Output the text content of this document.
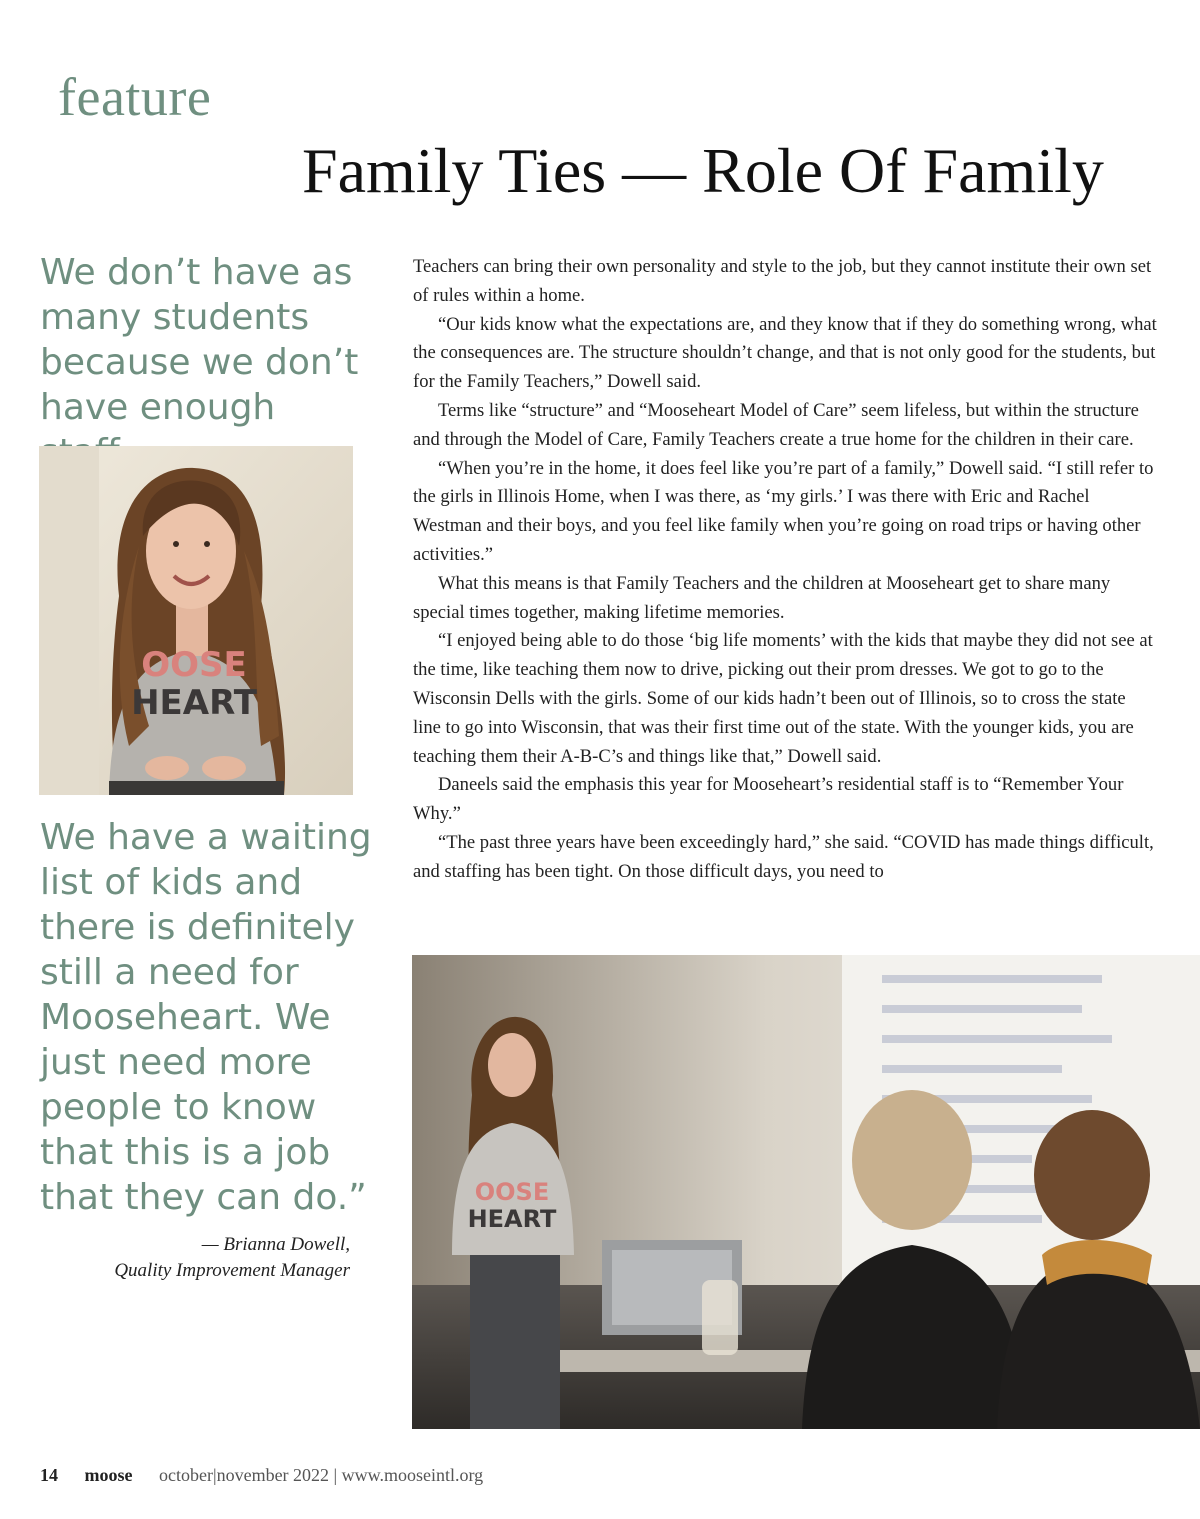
feature
Family Ties — Role Of Family

We don’t have as many students because we don’t have enough

OOSE
HEART

We have a waiting list of kids and there is definitely still a need for Mooseheart. We just need more people to know that this is a job that they can do.”

— Brianna Dowell,
Quality Improvement Manager

Teachers can bring their own personality and style to the job, but they cannot institute their own set of rules within a home.

“Our kids know what the expectations are, and they know that if they do something wrong, what the consequences are. The structure shouldn’t change, and that is not only good for the students, but for the Family Teachers,” Dowell said.

Terms like “structure” and “Mooseheart Model of Care” seem lifeless, but within the structure and through the Model of Care, Family Teachers create a true home for the children in their care.

“When you’re in the home, it does feel like you’re part of a family,” Dowell said. “I still refer to the girls in Illinois Home, when I was there, as ‘my girls.’ I was there with Eric and Rachel Westman and their boys, and you feel like family when you’re going on road trips or having other activities.”

What this means is that Family Teachers and the children at Mooseheart get to share many special times together, making lifetime memories.

“I enjoyed being able to do those ‘big life moments’ with the kids that maybe they did not see at the time, like teaching them now to drive, picking out their prom dresses. We got to go to the Wisconsin Dells with the girls. Some of our kids hadn’t been out of Illinois, so to cross the state line to go into Wisconsin, that was their first time out of the state. With the younger kids, you are teaching them their A-B-C’s and things like that,” Dowell said.

Daneels said the emphasis this year for Mooseheart’s residential staff is to “Remember Your Why.”

“The past three years have been exceedingly hard,” she said. “COVID has made things difficult, and staffing has been tight. On those difficult days, you need to

OOSE
HEART
14 moose october|november 2022 | www.mooseintl.org
